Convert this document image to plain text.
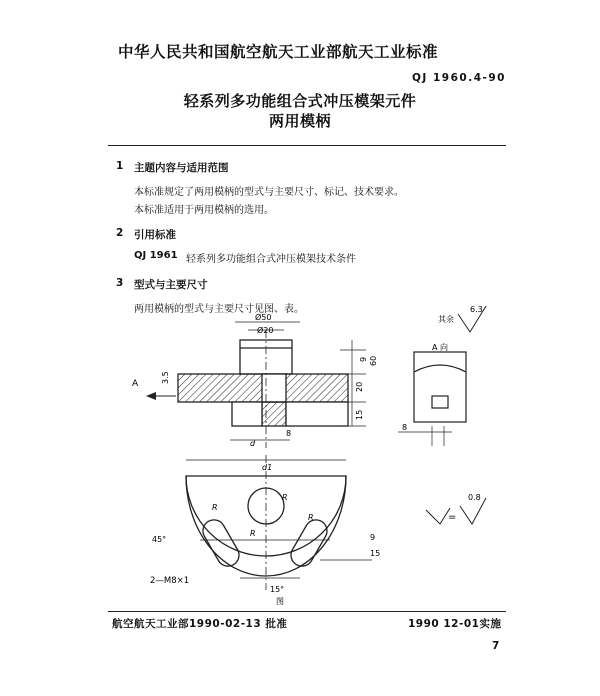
中华人民共和国航空航天工业部航天工业标准
QJ 1960.4-90
轻系列多功能组合式冲压模架元件
两用模柄
1 主题内容与适用范围
本标准规定了两用模柄的型式与主要尺寸、标记、技术要求。
本标准适用于两用模柄的选用。
2 引用标准
QJ 1961 轻系列多功能组合式冲压模架技术条件
3 型式与主要尺寸
两用模柄的型式与主要尺寸见图、表。
其余
6.3
Ø50
Ø20
9 60
20
15
3.5
A
8
d
A 向
8
d1
R
R
R
R
45°
15°
9
15
2—M8×1
图
=
0.8
航空航天工业部1990-02-13 批准	1990 12-01实施
7
